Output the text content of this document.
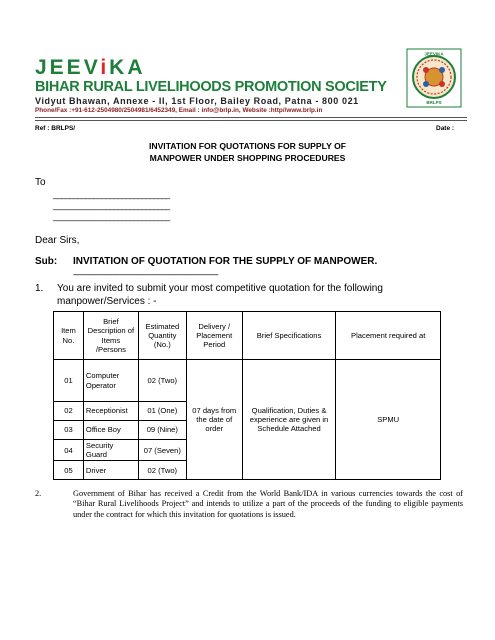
JEEViKA
BIHAR RURAL LIVELIHOODS PROMOTION SOCIETY
Vidyut Bhawan, Annexe - II, 1st Floor, Bailey Road, Patna - 800 021
Phone/Fax :+91-612-2504980/2504981/6452349, Email : info@brlp.in, Website :http//www.brlp.in
JEEViKA
BRLPS
Ref : BRLPS/	Date :
INVITATION FOR QUOTATIONS FOR SUPPLY OF
MANPOWER UNDER SHOPPING PROCEDURES
To
_____________________________
_____________________________
_____________________________
Dear Sirs,
Sub: INVITATION OF QUOTATION FOR THE SUPPLY OF MANPOWER.
---------------------------------------------------------------------------------------
1. You are invited to submit your most competitive quotation for the following
manpower/Services : -
Item No.	Brief Description of Items /Persons	Estimated Quantity (No.)	Delivery / Placement Period	Brief Specifications	Placement required at
01	Computer Operator	02 (Two)	07 days from the date of order	Qualification, Duties & experience are given in Schedule Attached	SPMU
02	Receptionist	01 (One)			
03	Office Boy	09 (Nine)			
04	Security Guard	07 (Seven)			
05	Driver	02 (Two)			
2.	Government of Bihar has received a Credit from the World Bank/IDA in various currencies towards the cost of “Bihar Rural Livelihoods Project” and intends to utilize a part of the proceeds of the funding to eligible payments under the contract for which this invitation for quotations is issued.
